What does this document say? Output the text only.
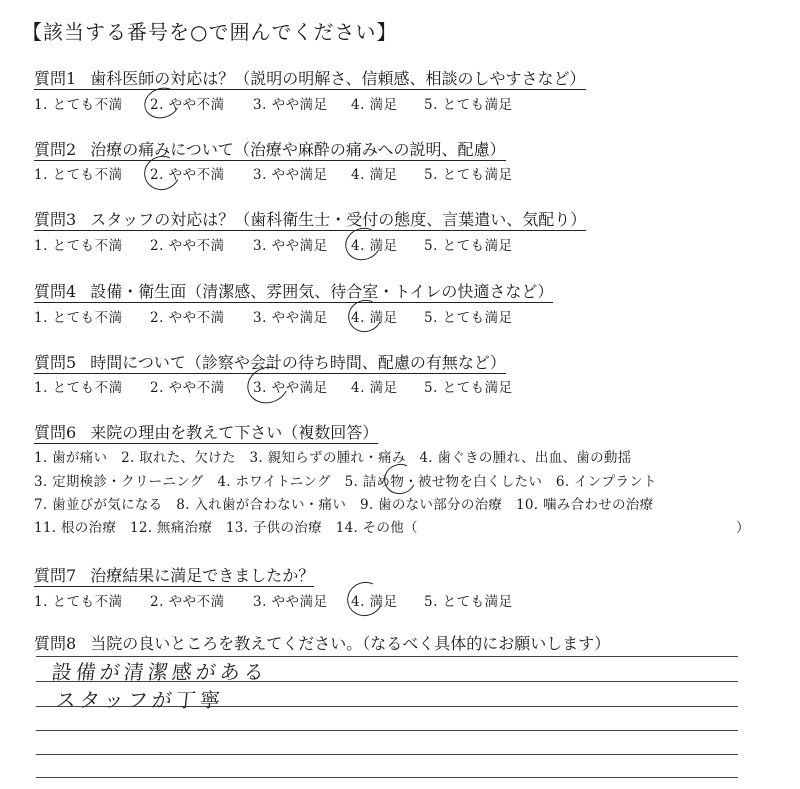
【該当する番号を○で囲んでください】
質問1 歯科医師の対応は？（説明の明解さ、信頼感、相談のしやすさなど）
1. とても不満 2. やや不満 3. やや満足 4. 満足 5. とても満足
質問2 治療の痛みについて（治療や麻酔の痛みへの説明、配慮）
1. とても不満 2. やや不満 3. やや満足 4. 満足 5. とても満足
質問3 スタッフの対応は？（歯科衛生士・受付の態度、言葉遣い、気配り）
1. とても不満 2. やや不満 3. やや満足 4. 満足 5. とても満足
質問4 設備・衛生面（清潔感、雰囲気、待合室・トイレの快適さなど）
1. とても不満 2. やや不満 3. やや満足 4. 満足 5. とても満足
質問5 時間について（診察や会計の待ち時間、配慮の有無など）
1. とても不満 2. やや不満 3. やや満足 4. 満足 5. とても満足
質問6 来院の理由を教えて下さい（複数回答）
1. 歯が痛い　2. 取れた、欠けた　3. 親知らずの腫れ・痛み　4. 歯ぐきの腫れ、出血、歯の動揺
3. 定期検診・クリーニング　4. ホワイトニング　5. 詰め物・被せ物を白くしたい　6. インプラント
7. 歯並びが気になる　8. 入れ歯が合わない・痛い　9. 歯のない部分の治療　10. 噛み合わせの治療
11. 根の治療　12. 無痛治療　13. 子供の治療　14. その他（	）
質問7 治療結果に満足できましたか？
1. とても不満 2. やや不満 3. やや満足 4. 満足 5. とても満足
質問8 当院の良いところを教えてください。（なるべく具体的にお願いします）
設備が清潔感がある
スタッフが丁寧
